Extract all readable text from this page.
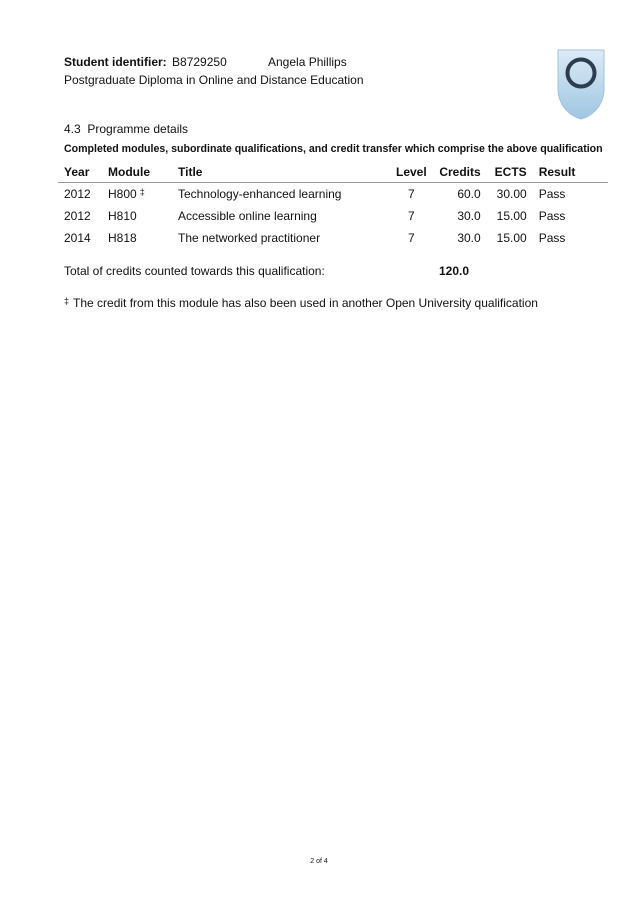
Student identifier: B8729250	Angela Phillips
Postgraduate Diploma in Online and Distance Education
4.3  Programme details
Completed modules, subordinate qualifications, and credit transfer which comprise the above qualification
Year	Module	Title	Level	Credits	ECTS	Result
2012	H800 ‡	Technology-enhanced learning	7	60.0	30.00	Pass
2012	H810	Accessible online learning	7	30.0	15.00	Pass
2014	H818	The networked practitioner	7	30.0	15.00	Pass
Total of credits counted towards this qualification:	120.0
‡ The credit from this module has also been used in another Open University qualification
2 of 4
